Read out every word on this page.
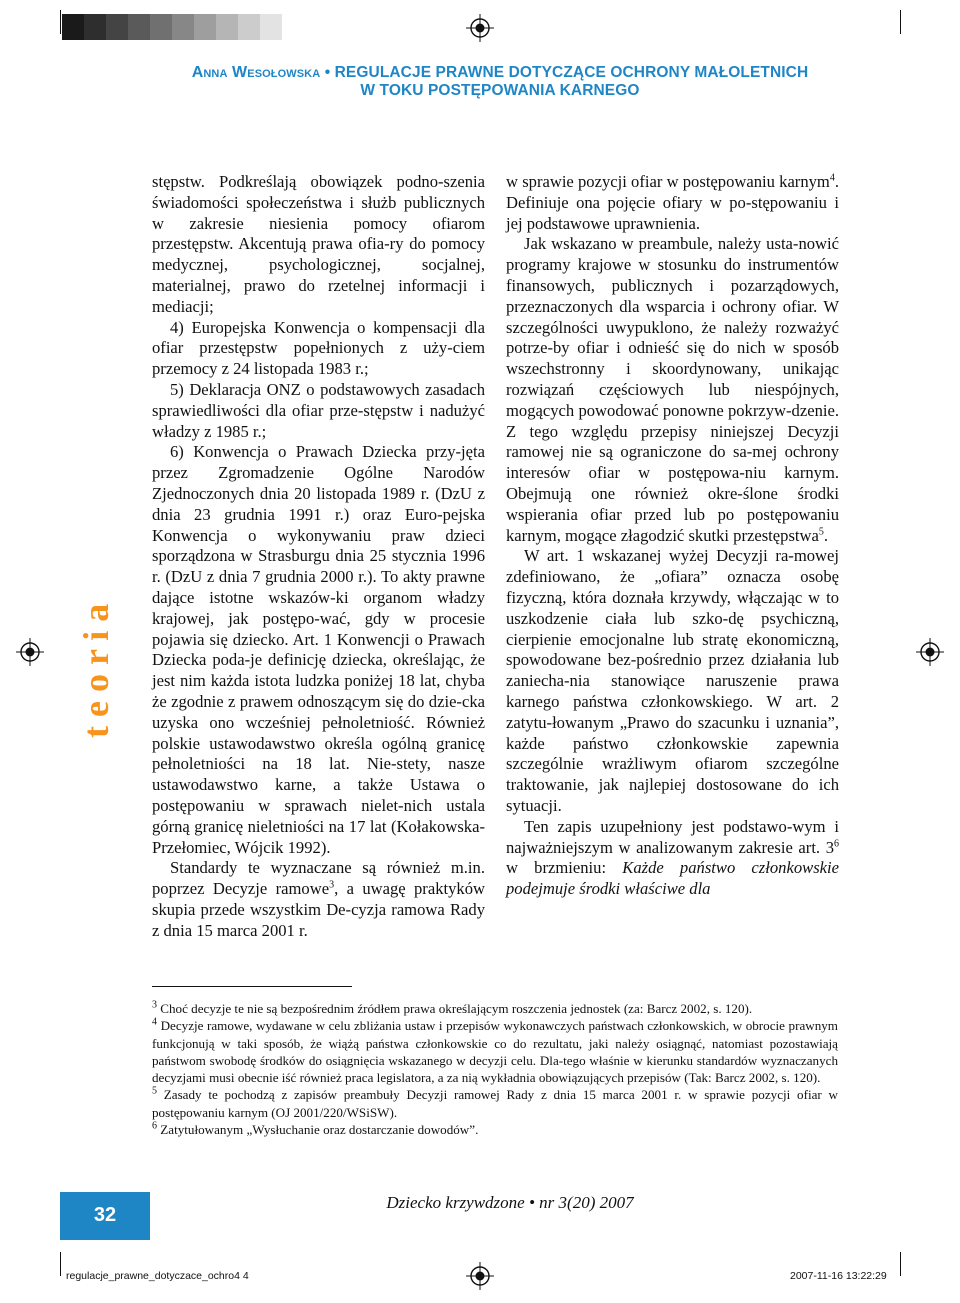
Anna Wesołowska • REGULACJE PRAWNE DOTYCZĄCE OCHRONY MAŁOLETNICH
W TOKU POSTĘPOWANIA KARNEGO
t e o r i a

stępstw. Podkreślają obowiązek podno-szenia świadomości społeczeństwa i służb publicznych w zakresie niesienia pomocy ofiarom przestępstw. Akcentują prawa ofia-ry do pomocy medycznej, psychologicznej, socjalnej, materialnej, prawo do rzetelnej informacji i mediacji;

4) Europejska Konwencja o kompensacji dla ofiar przestępstw popełnionych z uży-ciem przemocy z 24 listopada 1983 r.;

5) Deklaracja ONZ o podstawowych zasadach sprawiedliwości dla ofiar prze-stępstw i nadużyć władzy z 1985 r.;

6) Konwencja o Prawach Dziecka przy-jęta przez Zgromadzenie Ogólne Narodów Zjednoczonych dnia 20 listopada 1989 r. (DzU z dnia 23 grudnia 1991 r.) oraz Euro-pejska Konwencja o wykonywaniu praw dzieci sporządzona w Strasburgu dnia 25 stycznia 1996 r. (DzU z dnia 7 grudnia 2000 r.). To akty prawne dające istotne wskazów-ki organom władzy krajowej, jak postępo-wać, gdy w procesie pojawia się dziecko. Art. 1 Konwencji o Prawach Dziecka poda-je definicję dziecka, określając, że jest nim każda istota ludzka poniżej 18 lat, chyba że zgodnie z prawem odnoszącym się do dzie-cka uzyska ono wcześniej pełnoletniość. Również polskie ustawodawstwo określa ogólną granicę pełnoletniości na 18 lat. Nie-stety, nasze ustawodawstwo karne, a także Ustawa o postępowaniu w sprawach nielet-nich ustala górną granicę nieletniości na 17 lat (Kołakowska-Przełomiec, Wójcik 1992).

Standardy te wyznaczane są również m.in. poprzez Decyzje ramowe$^3$, a uwagę praktyków skupia przede wszystkim De-cyzja ramowa Rady z dnia 15 marca 2001 r.

w sprawie pozycji ofiar w postępowaniu karnym$^4$. Definiuje ona pojęcie ofiary w po-stępowaniu i jej podstawowe uprawnienia.

Jak wskazano w preambule, należy usta-nowić programy krajowe w stosunku do instrumentów finansowych, publicznych i pozarządowych, przeznaczonych dla wsparcia i ochrony ofiar. W szczególności uwypuklono, że należy rozważyć potrze-by ofiar i odnieść się do nich w sposób wszechstronny i skoordynowany, unikając rozwiązań częściowych lub niespójnych, mogących powodować ponowne pokrzyw-dzenie. Z tego względu przepisy niniejszej Decyzji ramowej nie są ograniczone do sa-mej ochrony interesów ofiar w postępowa-niu karnym. Obejmują one również okre-ślone środki wspierania ofiar przed lub po postępowaniu karnym, mogące złagodzić skutki przestępstwa$^5$.

W art. 1 wskazanej wyżej Decyzji ra-mowej zdefiniowano, że „ofiara” oznacza osobę fizyczną, która doznała krzywdy, włączając w to uszkodzenie ciała lub szko-dę psychiczną, cierpienie emocjonalne lub stratę ekonomiczną, spowodowane bez-pośrednio przez działania lub zaniecha-nia stanowiące naruszenie prawa karnego państwa członkowskiego. W art. 2 zatytu-łowanym „Prawo do szacunku i uznania”, każde państwo członkowskie zapewnia szczególnie wrażliwym ofiarom szczególne traktowanie, jak najlepiej dostosowane do ich sytuacji.

Ten zapis uzupełniony jest podstawo-wym i najważniejszym w analizowanym zakresie art. $3^6$ w brzmieniu: Każde państwo członkowskie podejmuje środki właściwe dla

$^3$ Choć decyzje te nie są bezpośrednim źródłem prawa określającym roszczenia jednostek (za: Barcz 2002, s. 120).

$^4$ Decyzje ramowe, wydawane w celu zbliżania ustaw i przepisów wykonawczych państwach członkowskich, w obrocie prawnym funkcjonują w taki sposób, że wiążą państwa członkowskie co do rezultatu, jaki należy osiągnąć, natomiast pozostawiają państwom swobodę środków do osiągnięcia wskazanego w decyzji celu. Dla-tego właśnie w kierunku standardów wyznaczanych decyzjami musi obecnie iść również praca legislatora, a za nią wykładnia obowiązujących przepisów (Tak: Barcz 2002, s. 120).

$^5$ Zasady te pochodzą z zapisów preambuły Decyzji ramowej Rady z dnia 15 marca 2001 r. w sprawie pozycji ofiar w postępowaniu karnym (OJ 2001/220/WSiSW).

$^6$ Zatytułowanym „Wysłuchanie oraz dostarczanie dowodów”.

32
Dziecko krzywdzone • nr 3(20) 2007
regulacje_prawne_dotyczace_ochro4 4	2007-11-16 13:22:29
